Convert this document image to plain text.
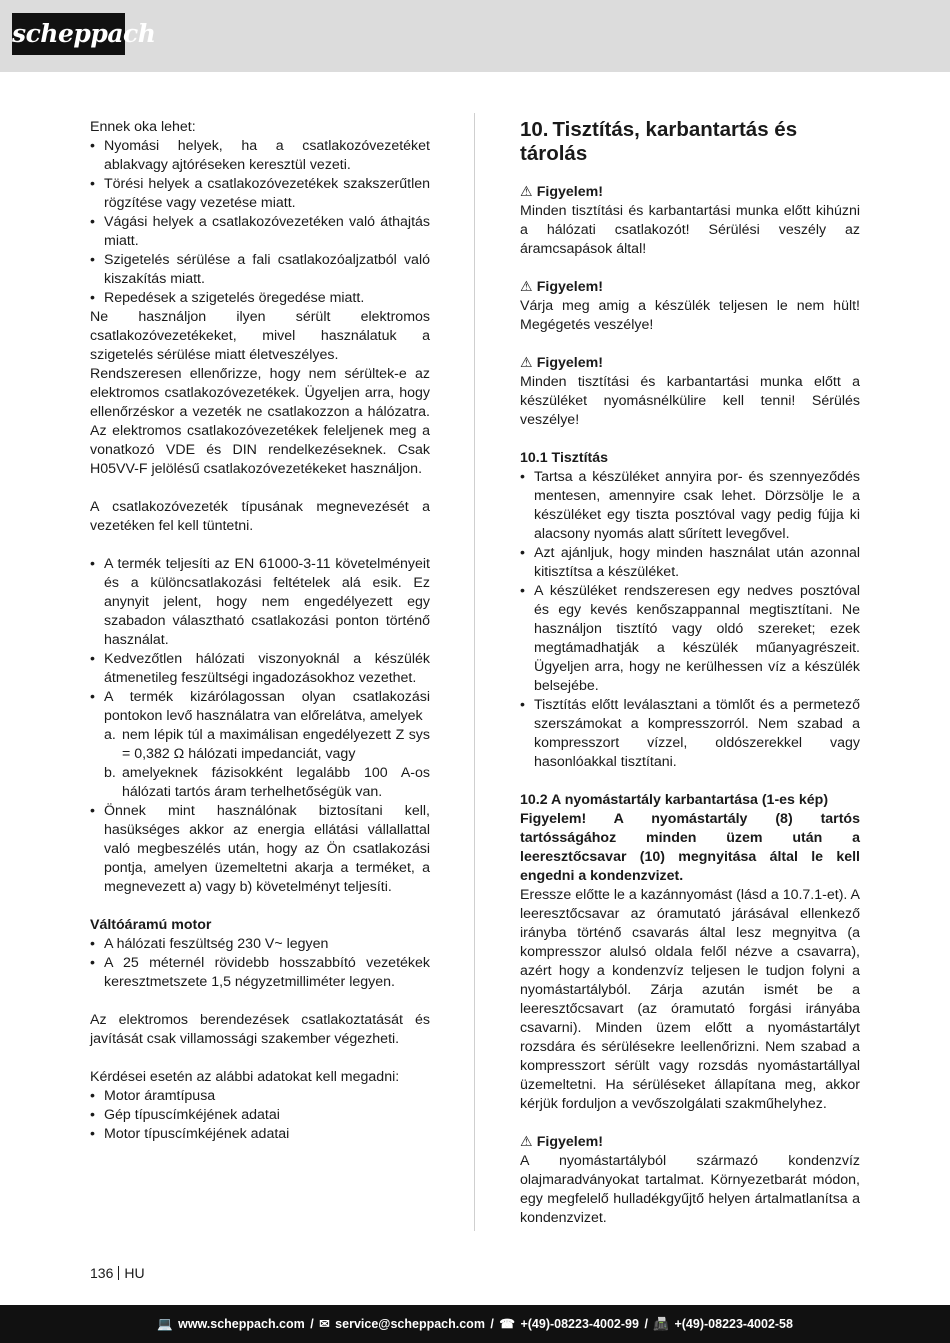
scheppach

Ennek oka lehet:

• Nyomási helyek, ha a csatlakozóvezetéket ablakvagy ajtóréseken keresztül vezeti.
• Törési helyek a csatlakozóvezetékek szakszerűtlen rögzítése vagy vezetése miatt.
• Vágási helyek a csatlakozóvezetéken való áthajtás miatt.
• Szigetelés sérülése a fali csatlakozóaljzatból való kiszakítás miatt.
• Repedések a szigetelés öregedése miatt.

Ne használjon ilyen sérült elektromos csatlakozóvezetékeket, mivel használatuk a szigetelés sérülése miatt életveszélyes.

Rendszeresen ellenőrizze, hogy nem sérültek-e az elektromos csatlakozóvezetékek. Ügyeljen arra, hogy ellenőrzéskor a vezeték ne csatlakozzon a hálózatra. Az elektromos csatlakozóvezetékek feleljenek meg a vonatkozó VDE és DIN rendelkezéseknek. Csak H05VV-F jelölésű csatlakozóvezetékeket használjon.

A csatlakozóvezeték típusának megnevezését a vezetéken fel kell tüntetni.

• A termék teljesíti az EN 61000-3-11 követelményeit és a különcsatlakozási feltételek alá esik. Ez anynyit jelent, hogy nem engedélyezett egy szabadon választható csatlakozási ponton történő használat.
• Kedvezőtlen hálózati viszonyoknál a készülék átmenetileg feszültségi ingadozásokhoz vezethet.
• A termék kizárólagossan olyan csatlakozási pontokon levő használatra van előrelátva, amelyek
a. nem lépik túl a maximálisan engedélyezett Z sys = 0,382 Ω hálózati impedanciát, vagy
b. amelyeknek fázisokként legalább 100 A-os hálózati tartós áram terhelhetőségük van.
• Önnek mint használónak biztosítani kell, hasükséges akkor az energia ellátási vállallattal való megbeszélés után, hogy az Ön csatlakozási pontja, amelyen üzemeltetni akarja a terméket, a megnevezett a) vagy b) követelményt teljesíti.

Váltóáramú motor

• A hálózati feszültség 230 V~ legyen
• A 25 méternél rövidebb hosszabbító vezetékek keresztmetszete 1,5 négyzetmilliméter legyen.

Az elektromos berendezések csatlakoztatását és javítását csak villamossági szakember végezheti.

Kérdései esetén az alábbi adatokat kell megadni:

• Motor áramtípusa
• Gép típuscímkéjének adatai
• Motor típuscímkéjének adatai
10. Tisztítás, karbantartás és tárolás

⚠ Figyelem!

Minden tisztítási és karbantartási munka előtt kihúzni a hálózati csatlakozót! Sérülési veszély az áramcsapások által!

⚠ Figyelem!

Várja meg amig a készülék teljesen le nem hült! Megégetés veszélye!

⚠ Figyelem!

Minden tisztítási és karbantartási munka előtt a készüléket nyomásnélkülire kell tenni! Sérülés veszélye!

10.1 Tisztítás

• Tartsa a készüléket annyira por- és szennyeződés mentesen, amennyire csak lehet. Dörzsölje le a készüléket egy tiszta posztóval vagy pedig fújja ki alacsony nyomás alatt sűrített levegővel.
• Azt ajánljuk, hogy minden használat után azonnal kitisztítsa a készüléket.
• A készüléket rendszeresen egy nedves posztóval és egy kevés kenőszappannal megtisztítani. Ne használjon tisztító vagy oldó szereket; ezek megtámadhatják a készülék műanyagrészeit. Ügyeljen arra, hogy ne kerülhessen víz a készülék belsejébe.
• Tisztítás előtt leválasztani a tömlőt és a permetező szerszámokat a kompresszorról. Nem szabad a kompresszort vízzel, oldószerekkel vagy hasonlóakkal tisztítani.

10.2 A nyomástartály karbantartása (1-es kép)

Figyelem! A nyomástartály (8) tartós tartósságához minden üzem után a leeresztőcsavar (10) megnyitása által le kell engedni a kondenzvizet.

Eressze előtte le a kazánnyomást (lásd a 10.7.1-et). A leeresztőcsavar az óramutató járásával ellenkező irányba történő csavarás által lesz megnyitva (a kompresszor alulsó oldala felől nézve a csavarra), azért hogy a kondenzvíz teljesen le tudjon folyni a nyomástartályból. Zárja azután ismét be a leeresztőcsavart (az óramutató forgási irányába csavarni). Minden üzem előtt a nyomástartályt rozsdára és sérülésekre leellenőrizni. Nem szabad a kompresszort sérült vagy rozsdás nyomástartállyal üzemeltetni. Ha sérüléseket állapítana meg, akkor kérjük forduljon a vevőszolgálati szakműhelyhez.

⚠ Figyelem!

A nyomástartályból származó kondenzvíz olajmaradványokat tartalmat. Környezetbarát módon, egy megfelelő hulladékgyűjtő helyen ártalmatlanítsa a kondenzvizet.

136 HU
💻 www.scheppach.com / ✉ service@scheppach.com / ☎ +(49)-08223-4002-99 / 📠 +(49)-08223-4002-58
